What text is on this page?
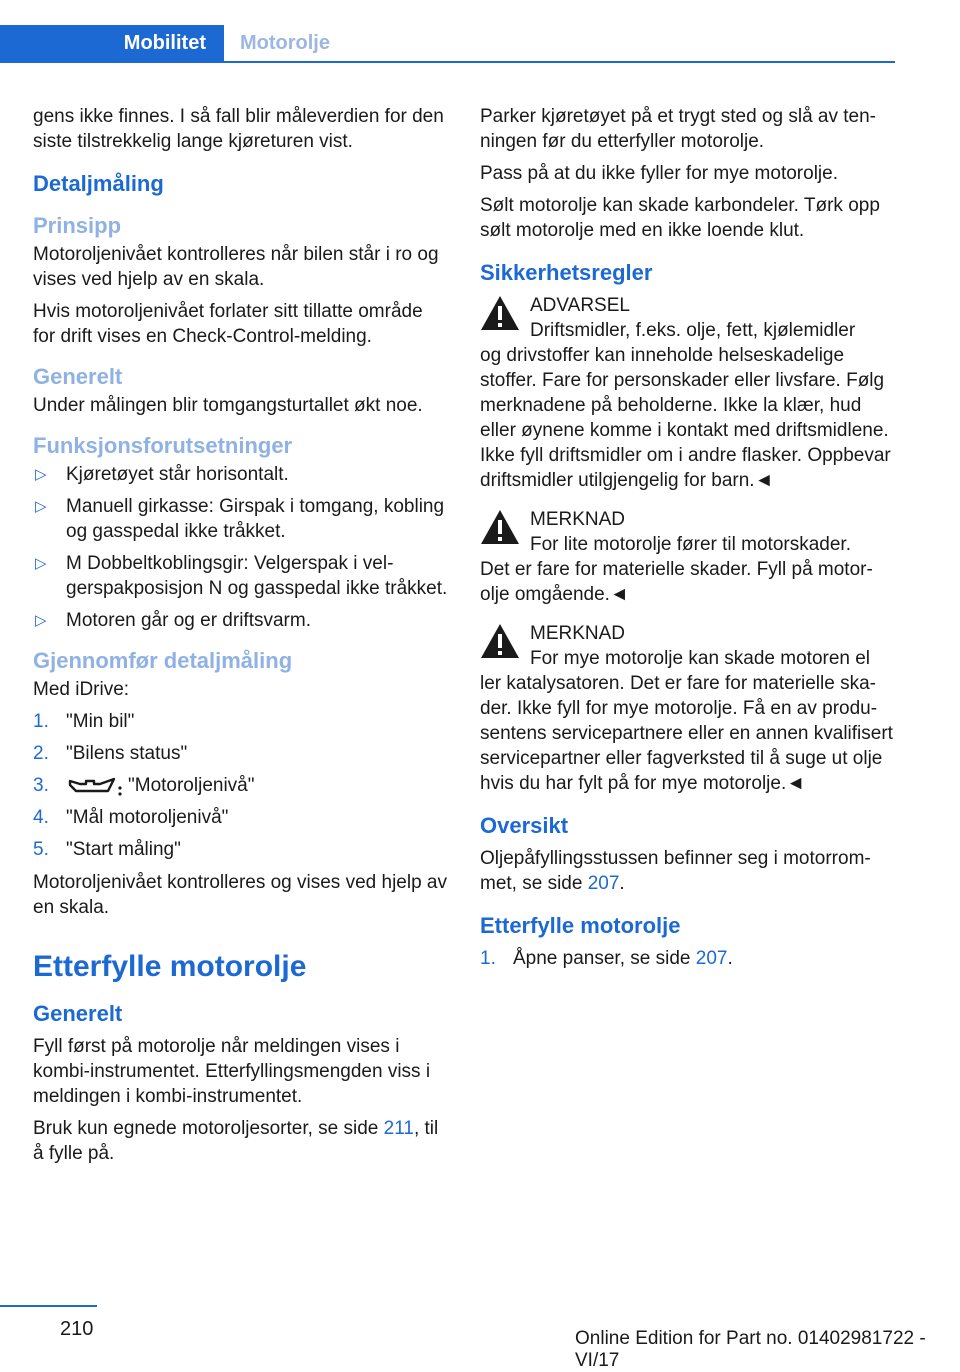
Mobilitet	Motorolje

gens ikke finnes. I så fall blir måleverdien for den siste tilstrekkelig lange kjøreturen vist.

Detaljmåling
Prinsipp

Motoroljenivået kontrolleres når bilen står i ro og vises ved hjelp av en skala.

Hvis motoroljenivået forlater sitt tillatte område for drift vises en Check-Control-melding.

Generelt

Under målingen blir tomgangsturtallet økt noe.

Funksjonsforutsetninger
▷ Kjøretøyet står horisontalt.
▷ Manuell girkasse: Girspak i tomgang, kobling og gasspedal ikke tråkket.
▷ M Dobbeltkoblingsgir: Velgerspak i velgerspakposisjon N og gasspedal ikke tråkket.
▷ Motoren går og er driftsvarm.
Gjennomfør detaljmåling

Med iDrive:

1. "Min bil"
2. "Bilens status"
3.	"Motoroljenivå"
4. "Mål motoroljenivå"
5. "Start måling"

Motoroljenivået kontrolleres og vises ved hjelp av en skala.

Etterfylle motorolje
Generelt

Fyll først på motorolje når meldingen vises i kombi-instrumentet. Etterfyllingsmengden viss i meldingen i kombi-instrumentet.

Bruk kun egnede motoroljesorter, se side 211, til å fylle på.

Parker kjøretøyet på et trygt sted og slå av tenningen før du etterfyller motorolje.

Pass på at du ikke fyller for mye motorolje.

Sølt motorolje kan skade karbondeler. Tørk opp sølt motorolje med en ikke loende klut.

Sikkerhetsregler
ADVARSEL
Driftsmidler, f.eks. olje, fett, kjølemidler
og drivstoffer kan inneholde helseskadelige stoffer. Fare for personskader eller livsfare. Følg merknadene på beholderne. Ikke la klær, hud eller øynene komme i kontakt med driftsmidlene. Ikke fyll driftsmidler om i andre flasker. Oppbevar driftsmidler utilgjengelig for barn.◄
MERKNAD
For lite motorolje fører til motorskader.
Det er fare for materielle skader. Fyll på motorolje omgående.◄
MERKNAD
For mye motorolje kan skade motoren el
ler katalysatoren. Det er fare for materielle skader. Ikke fyll for mye motorolje. Få en av produsentens servicepartnere eller en annen kvalifisert servicepartner eller fagverksted til å suge ut olje hvis du har fylt på for mye motorolje.◄
Oversikt

Oljepåfyllingsstussen befinner seg i motorrommet, se side 207.

Etterfylle motorolje
1. Åpne panser, se side 207.
210	Online Edition for Part no. 01402981722 - VI/17
